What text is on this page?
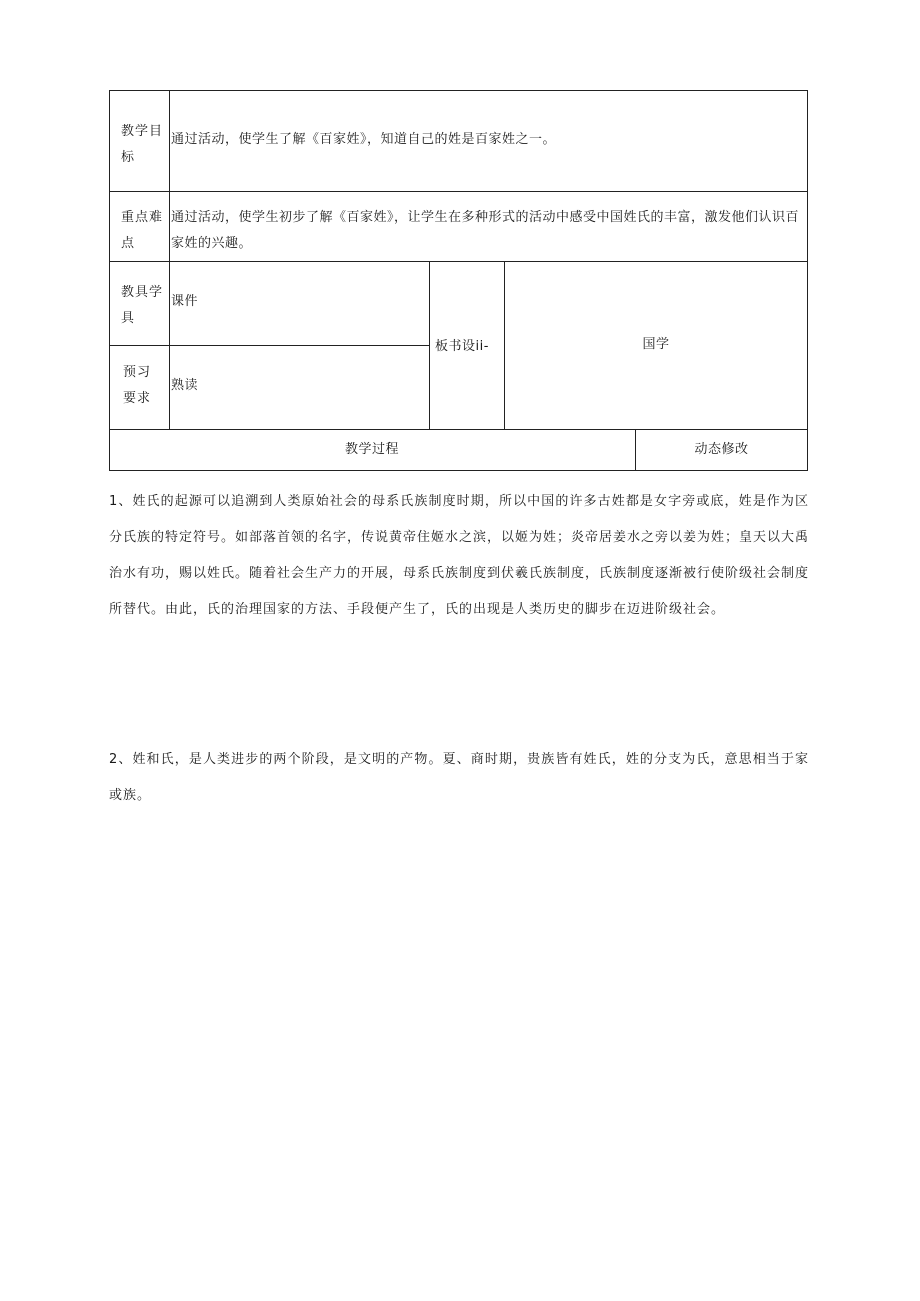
教学目标
通过活动，使学生了解《百家姓》，知道自己的姓是百家姓之一。
重点难点
通过活动，使学生初步了解《百家姓》，让学生在多种形式的活动中感受中国姓氏的丰富，激发他们认识百家姓的兴趣。
教具学具
课件
预习要求
熟读
板书设ii-	国学
教学过程	动态修改
1、姓氏的起源可以追溯到人类原始社会的母系氏族制度时期，所以中国的许多古姓都是女字旁或底，姓是作为区分氏族的特定符号。如部落首领的名字，传说黄帝住姬水之滨，以姬为姓；炎帝居姜水之旁以姜为姓；皇天以大禹治水有功，赐以姓氏。随着社会生产力的开展，母系氏族制度到伏羲氏族制度，氏族制度逐渐被行使阶级社会制度所替代。由此，氏的治理国家的方法、手段便产生了，氏的出现是人类历史的脚步在迈进阶级社会。
2、姓和氏，是人类进步的两个阶段，是文明的产物。夏、商时期，贵族皆有姓氏，姓的分支为氏，意思相当于家或族。
